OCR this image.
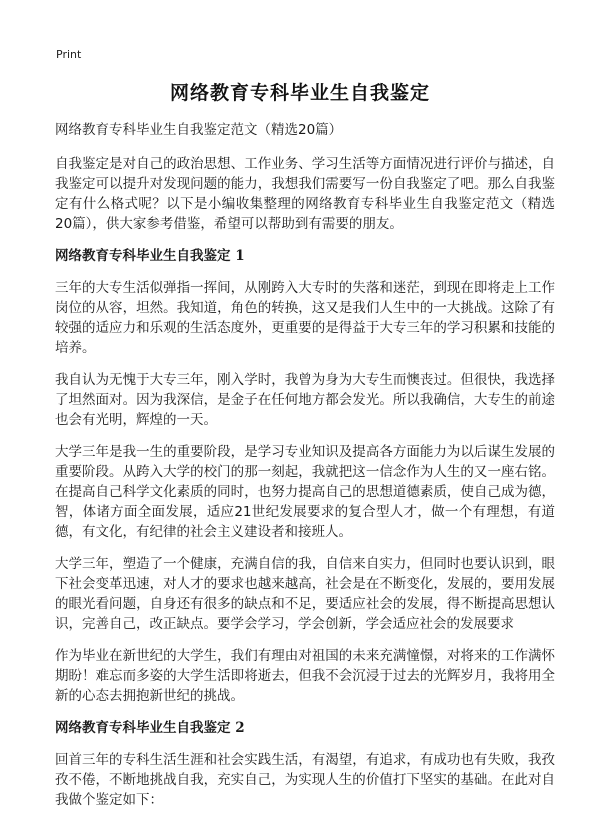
Print
网络教育专科毕业生自我鉴定
网络教育专科毕业生自我鉴定范文（精选20篇）

自我鉴定是对自己的政治思想、工作业务、学习生活等方面情况进行评价与描述，自我鉴定可以提升对发现问题的能力，我想我们需要写一份自我鉴定了吧。那么自我鉴定有什么格式呢？以下是小编收集整理的网络教育专科毕业生自我鉴定范文（精选20篇），供大家参考借鉴，希望可以帮助到有需要的朋友。

网络教育专科毕业生自我鉴定 1

三年的大专生活似弹指一挥间，从刚跨入大专时的失落和迷茫，到现在即将走上工作岗位的从容，坦然。我知道，角色的转换，这又是我们人生中的一大挑战。这除了有较强的适应力和乐观的生活态度外，更重要的是得益于大专三年的学习积累和技能的培养。

我自认为无愧于大专三年，刚入学时，我曾为身为大专生而懊丧过。但很快，我选择了坦然面对。因为我深信，是金子在任何地方都会发光。所以我确信，大专生的前途也会有光明，辉煌的一天。

大学三年是我一生的重要阶段，是学习专业知识及提高各方面能力为以后谋生发展的 重要阶段。从跨入大学的校门的那一刻起，我就把这一信念作为人生的又一座右铭。在提高自己科学文化素质的同时，也努力提高自己的思想道德素质，使自己成为德，智，体诸方面全面发展，适应21世纪发展要求的复合型人才，做一个有理想，有道德，有文化，有纪律的社会主义建设者和接班人。

大学三年，塑造了一个健康，充满自信的我，自信来自实力，但同时也要认识到，眼下社会变革迅速，对人才的要求也越来越高，社会是在不断变化，发展的，要用发展的眼光看问题，自身还有很多的缺点和不足，要适应社会的发展，得不断提高思想认识，完善自己，改正缺点。要学会学习，学会创新，学会适应社会的发展要求

作为毕业在新世纪的大学生，我们有理由对祖国的未来充满憧憬，对将来的工作满怀期盼！难忘而多姿的大学生活即将逝去，但我不会沉浸于过去的光辉岁月，我将用全新的心态去拥抱新世纪的挑战。

网络教育专科毕业生自我鉴定 2

回首三年的专科生活生涯和社会实践生活，有渴望，有追求，有成功也有失败，我孜孜不倦，不断地挑战自我，充实自己，为实现人生的价值打下坚实的基础。在此对自我做个鉴定如下：
